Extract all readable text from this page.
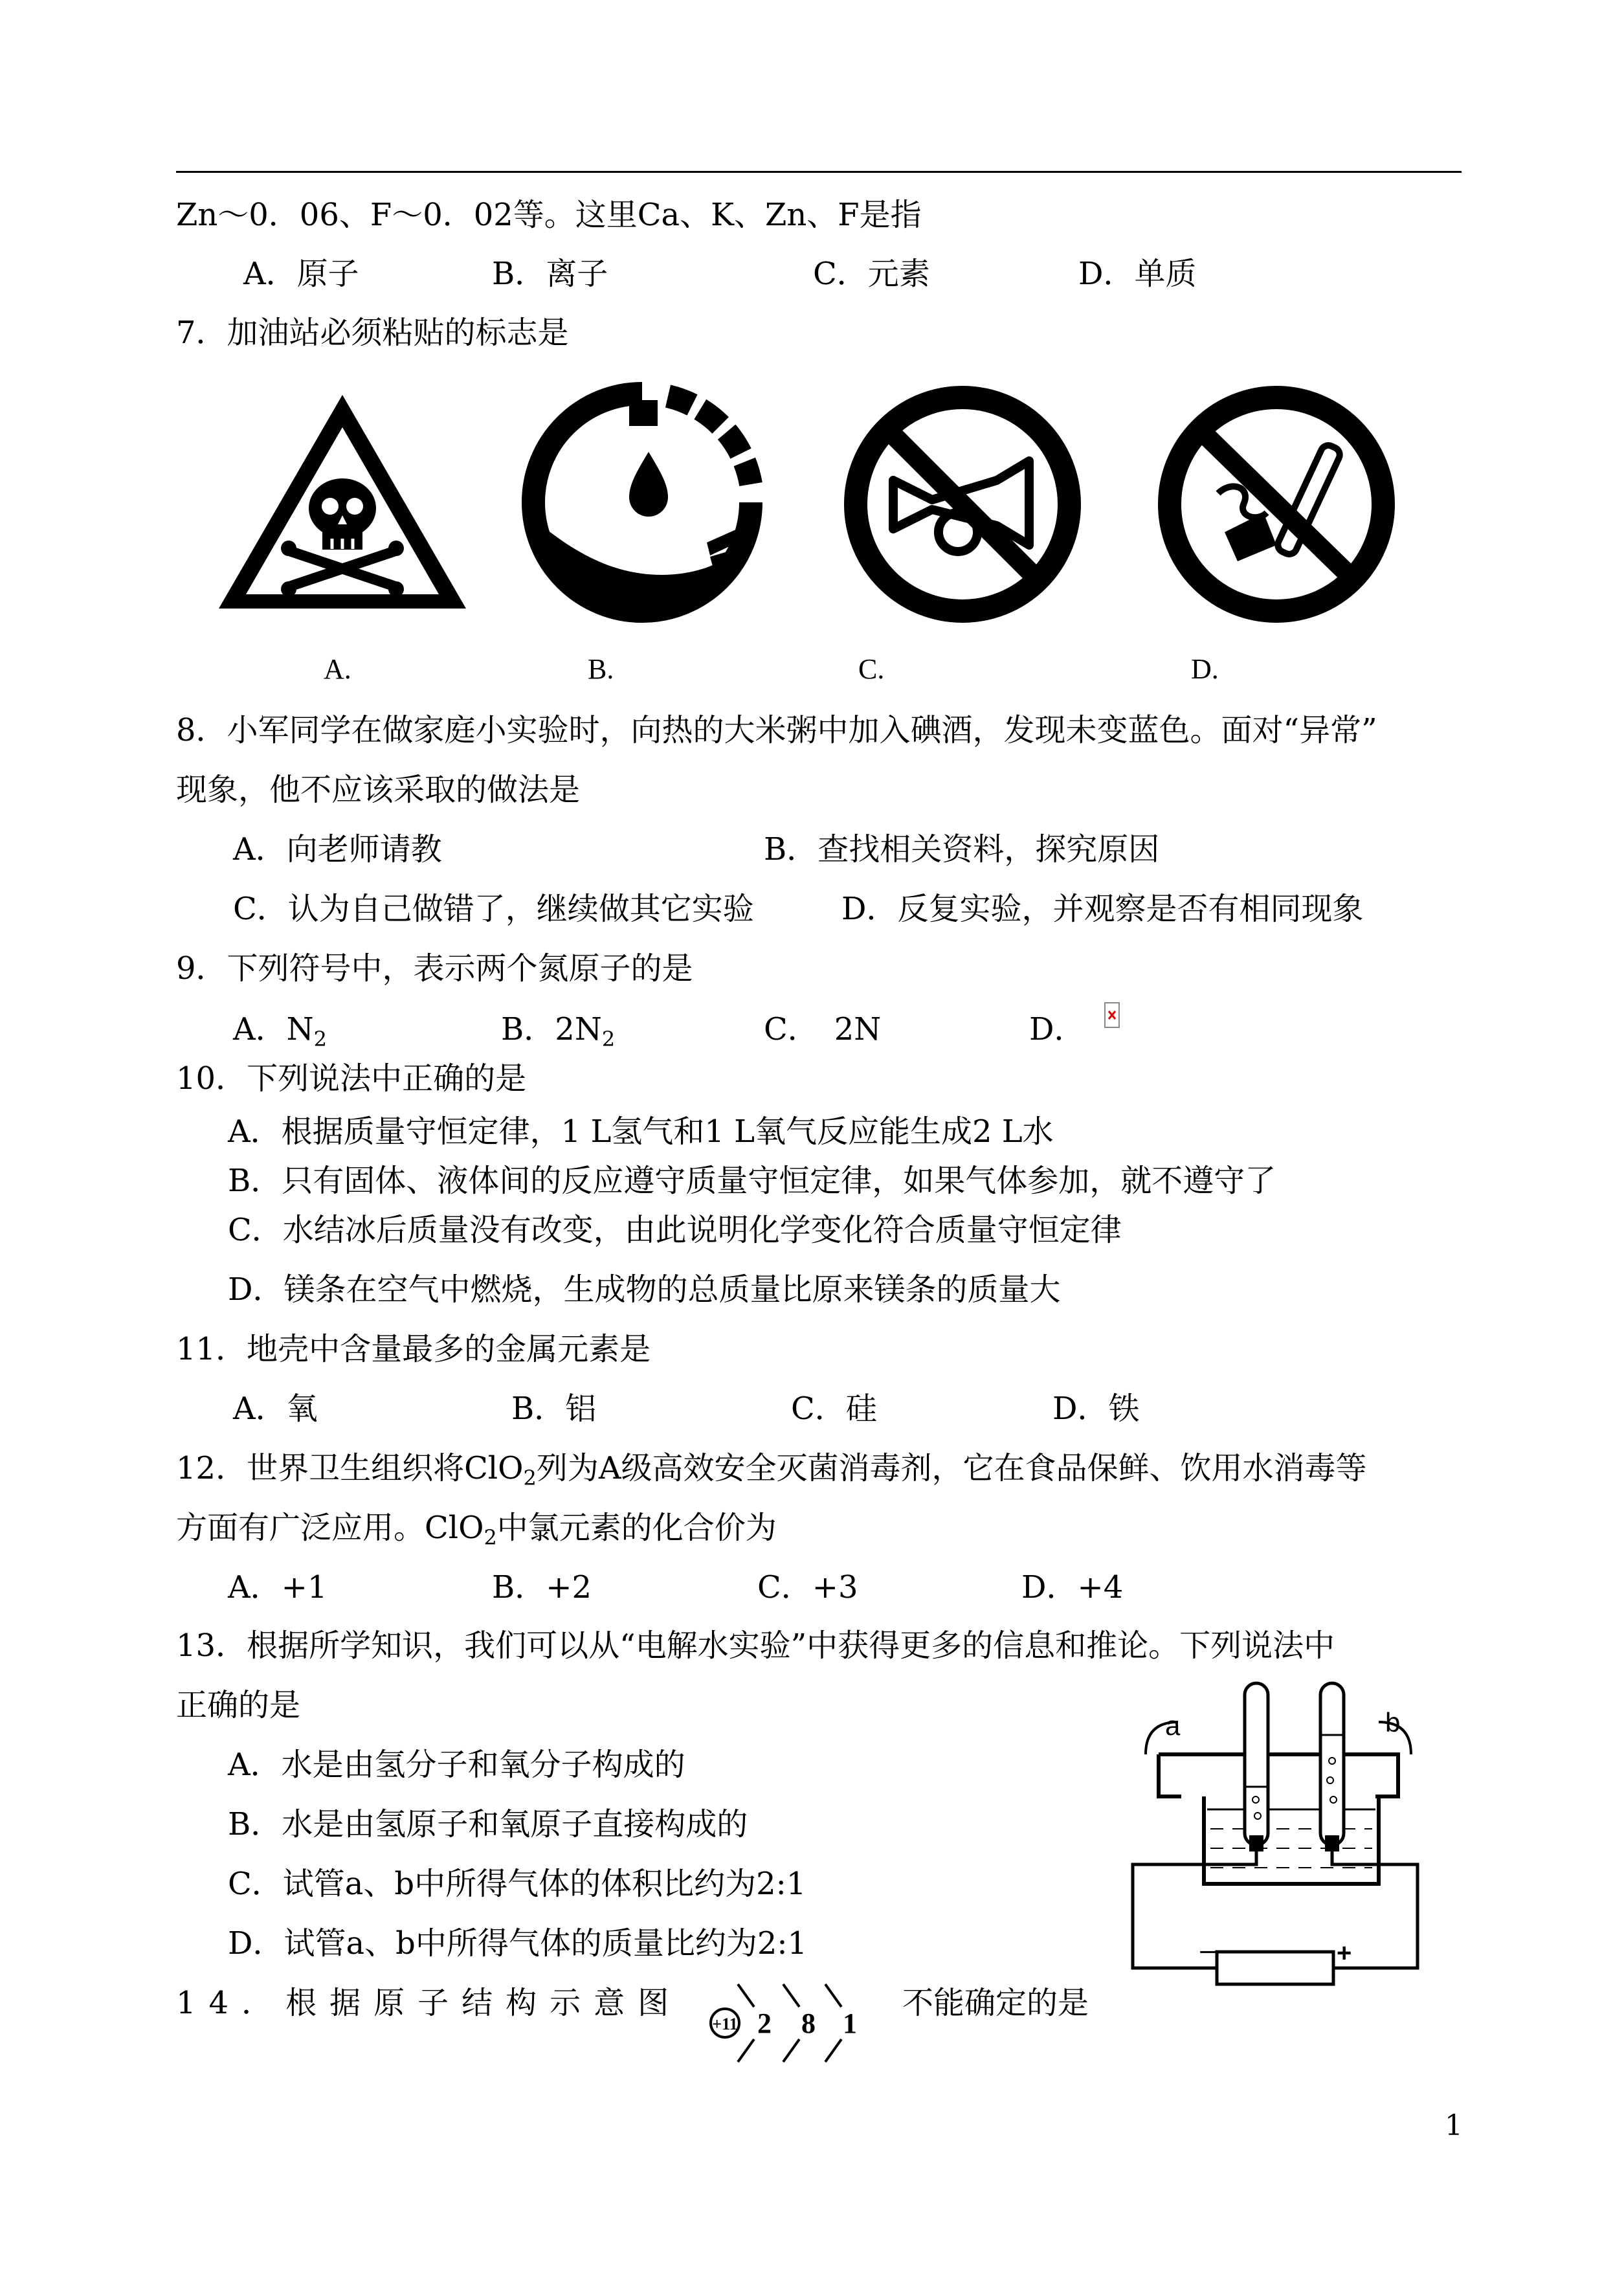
Zn～0．06、F～0．02等。这里Ca、K、Zn、F是指
A．原子	B．离子	C．元素	D．单质
7．加油站必须粘贴的标志是
A.	B.	C.	D.
8．小军同学在做家庭小实验时，向热的大米粥中加入碘酒，发现未变蓝色。面对“异常”
现象，他不应该采取的做法是
A．向老师请教	B．查找相关资料，探究原因
C．认为自己做错了，继续做其它实验	D．反复实验，并观察是否有相同现象
9．下列符号中，表示两个氮原子的是
A．$N_2$	B．$2N_2$	C．　2N	D．
10．下列说法中正确的是
A．根据质量守恒定律，1 L氢气和1 L氧气反应能生成2 L水
B．只有固体、液体间的反应遵守质量守恒定律，如果气体参加，就不遵守了
C．水结冰后质量没有改变，由此说明化学变化符合质量守恒定律
D．镁条在空气中燃烧，生成物的总质量比原来镁条的质量大
11．地壳中含量最多的金属元素是
A．氧	B．铝	C．硅	D．铁
12．世界卫生组织将ClO$_2$列为A级高效安全灭菌消毒剂，它在食品保鲜、饮用水消毒等
方面有广泛应用。ClO$_2$中氯元素的化合价为
A．+1	B．+2	C．+3	D．+4
13．根据所学知识，我们可以从“电解水实验”中获得更多的信息和推论。下列说法中
正确的是
A．水是由氢分子和氧分子构成的
B．水是由氢原子和氧原子直接构成的
C．试管a、b中所得气体的体积比约为2:1
D．试管a、b中所得气体的质量比约为2:1
a	b
－	+
14．根据原子结构示意图
+11 2 8 1
不能确定的是
1
